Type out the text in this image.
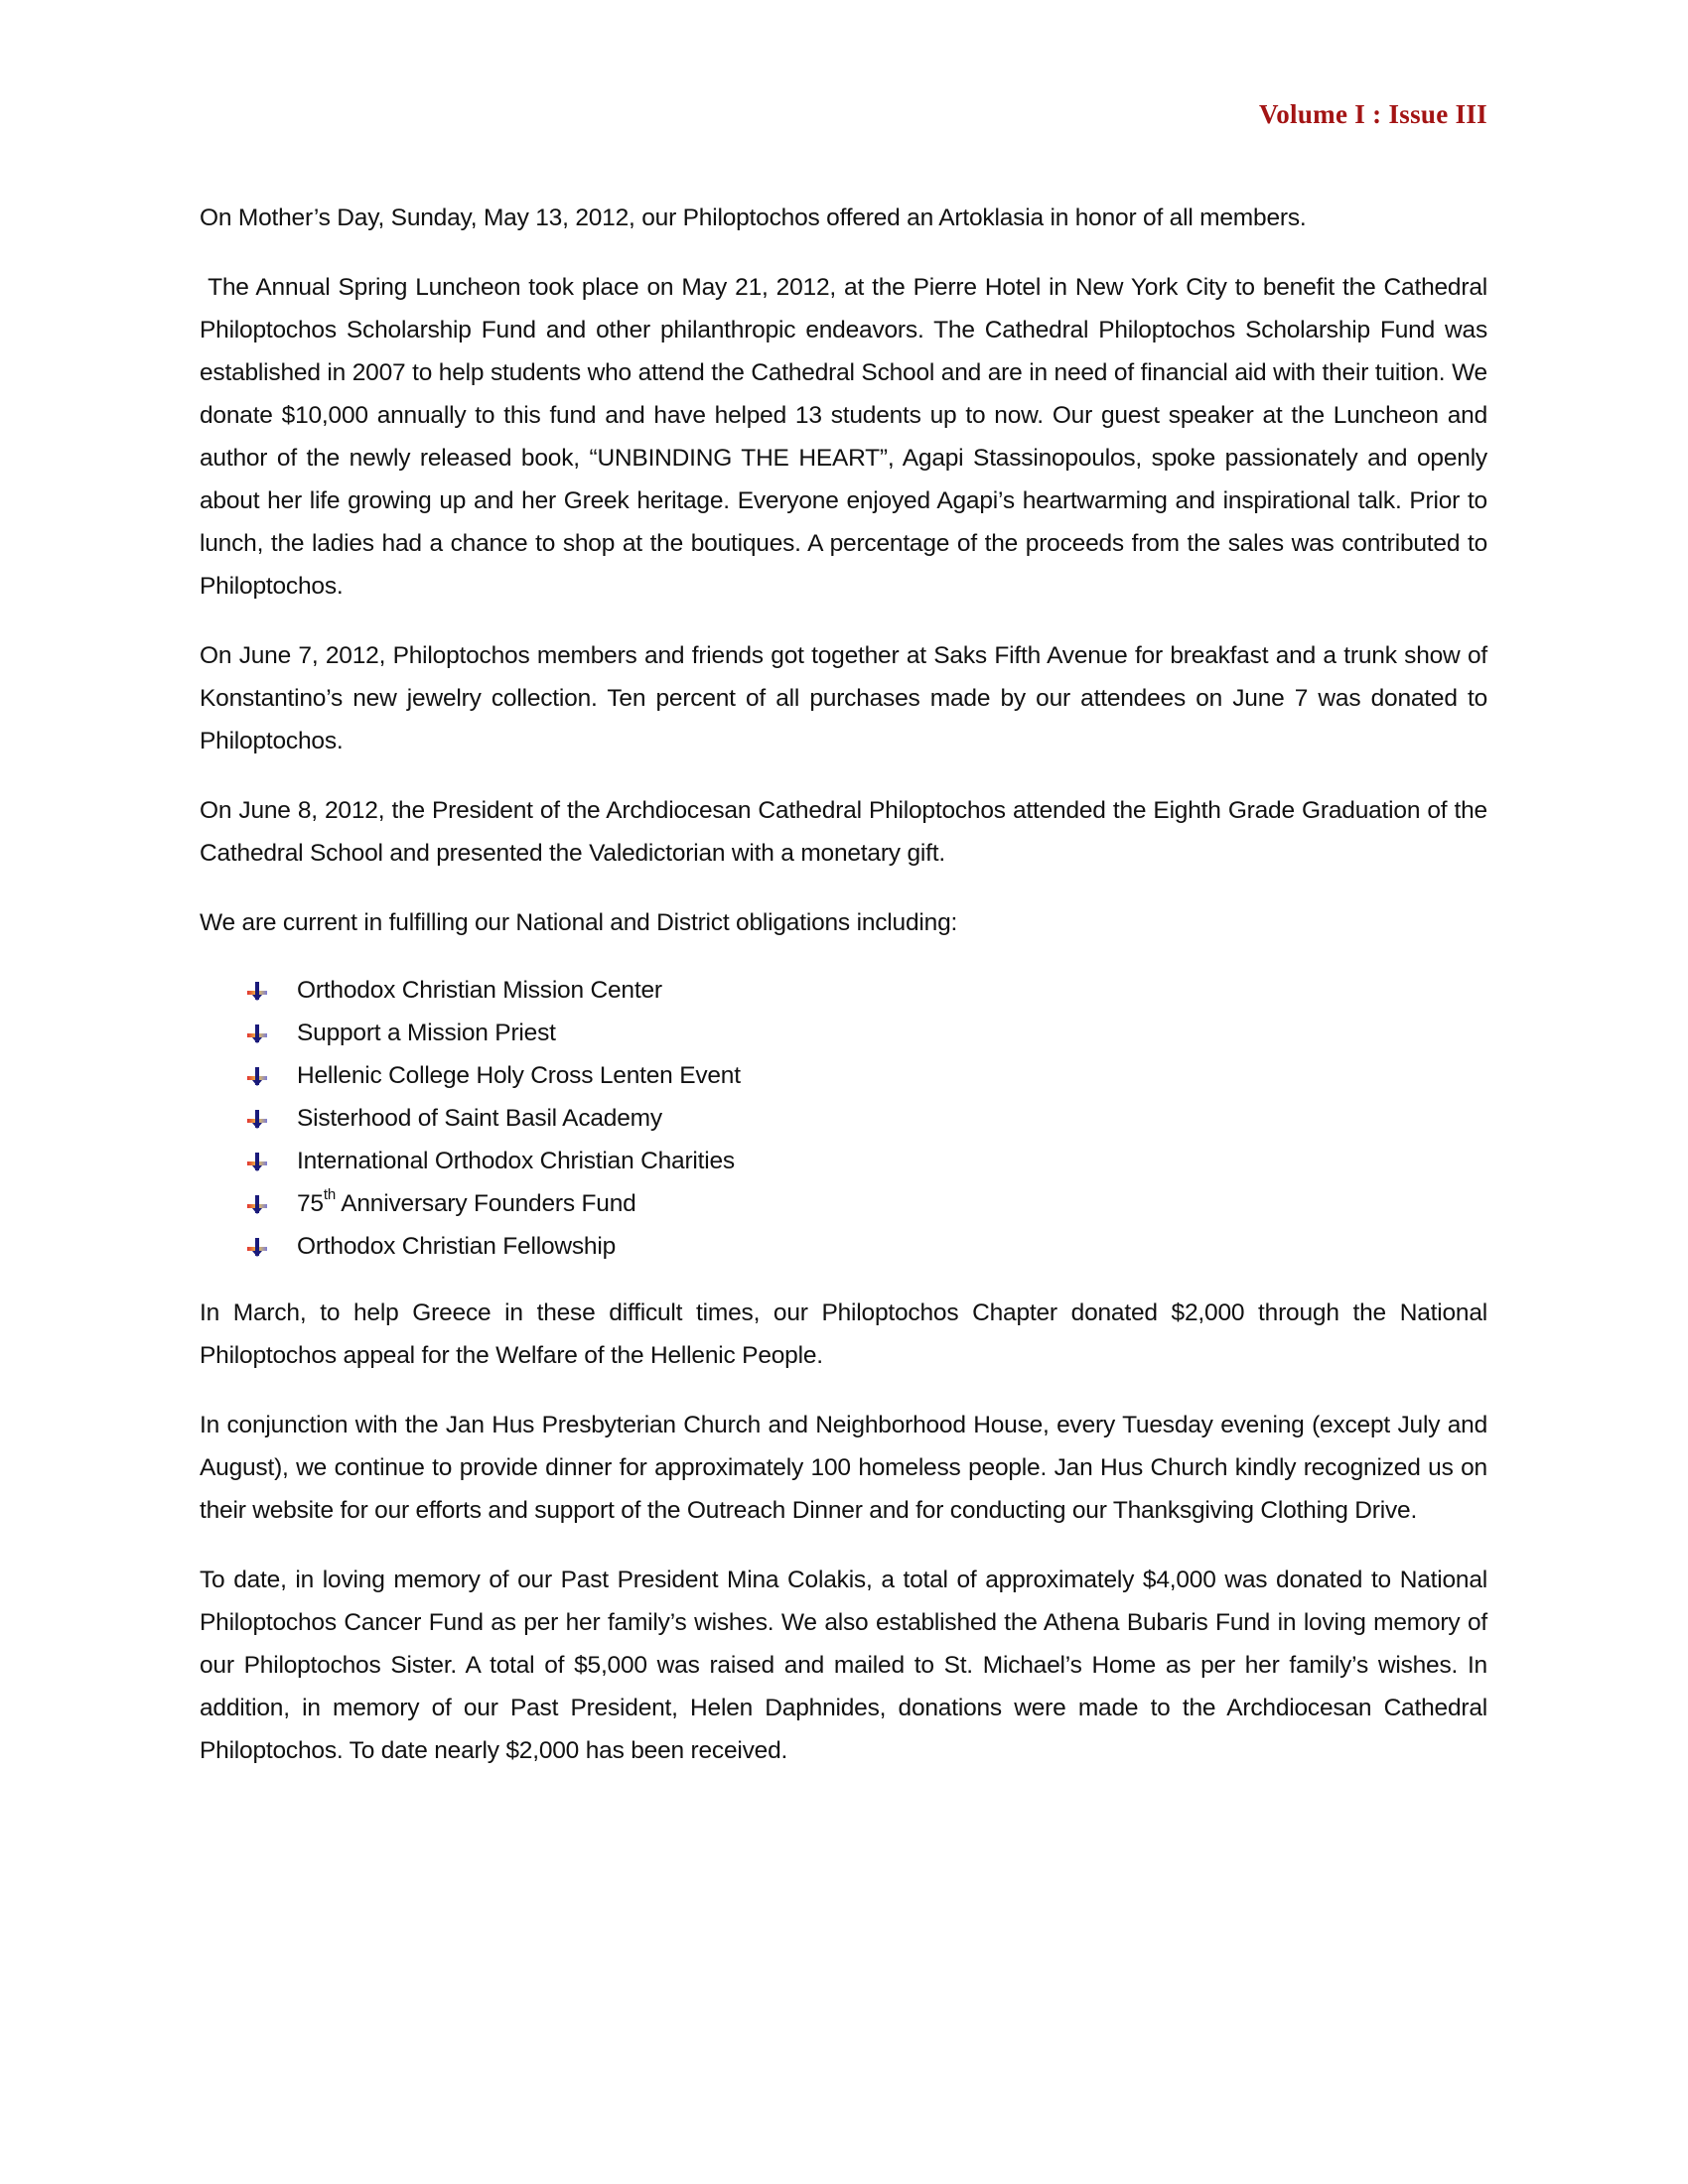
Volume I : Issue III

On Mother’s Day, Sunday, May 13, 2012, our Philoptochos offered an Artoklasia in honor of all members.

The Annual Spring Luncheon took place on May 21, 2012, at the Pierre Hotel in New York City to benefit the Cathedral Philoptochos Scholarship Fund and other philanthropic endeavors. The Cathedral Philoptochos Scholarship Fund was established in 2007 to help students who attend the Cathedral School and are in need of financial aid with their tuition. We donate $10,000 annually to this fund and have helped 13 students up to now. Our guest speaker at the Luncheon and author of the newly released book, “UNBINDING THE HEART”, Agapi Stassinopoulos, spoke passionately and openly about her life growing up and her Greek heritage. Everyone enjoyed Agapi’s heartwarming and inspirational talk. Prior to lunch, the ladies had a chance to shop at the boutiques. A percentage of the proceeds from the sales was contributed to Philoptochos.

On June 7, 2012, Philoptochos members and friends got together at Saks Fifth Avenue for breakfast and a trunk show of Konstantino’s new jewelry collection. Ten percent of all purchases made by our attendees on June 7 was donated to Philoptochos.

On June 8, 2012, the President of the Archdiocesan Cathedral Philoptochos attended the Eighth Grade Graduation of the Cathedral School and presented the Valedictorian with a monetary gift.

We are current in fulfilling our National and District obligations including:

Orthodox Christian Mission Center
Support a Mission Priest
Hellenic College Holy Cross Lenten Event
Sisterhood of Saint Basil Academy
International Orthodox Christian Charities
75th Anniversary Founders Fund
Orthodox Christian Fellowship

In March, to help Greece in these difficult times, our Philoptochos Chapter donated $2,000 through the National Philoptochos appeal for the Welfare of the Hellenic People.

In conjunction with the Jan Hus Presbyterian Church and Neighborhood House, every Tuesday evening (except July and August), we continue to provide dinner for approximately 100 homeless people. Jan Hus Church kindly recognized us on their website for our efforts and support of the Outreach Dinner and for conducting our Thanksgiving Clothing Drive.

To date, in loving memory of our Past President Mina Colakis, a total of approximately $4,000 was donated to National Philoptochos Cancer Fund as per her family’s wishes. We also established the Athena Bubaris Fund in loving memory of our Philoptochos Sister. A total of $5,000 was raised and mailed to St. Michael’s Home as per her family’s wishes. In addition, in memory of our Past President, Helen Daphnides, donations were made to the Archdiocesan Cathedral Philoptochos. To date nearly $2,000 has been received.
